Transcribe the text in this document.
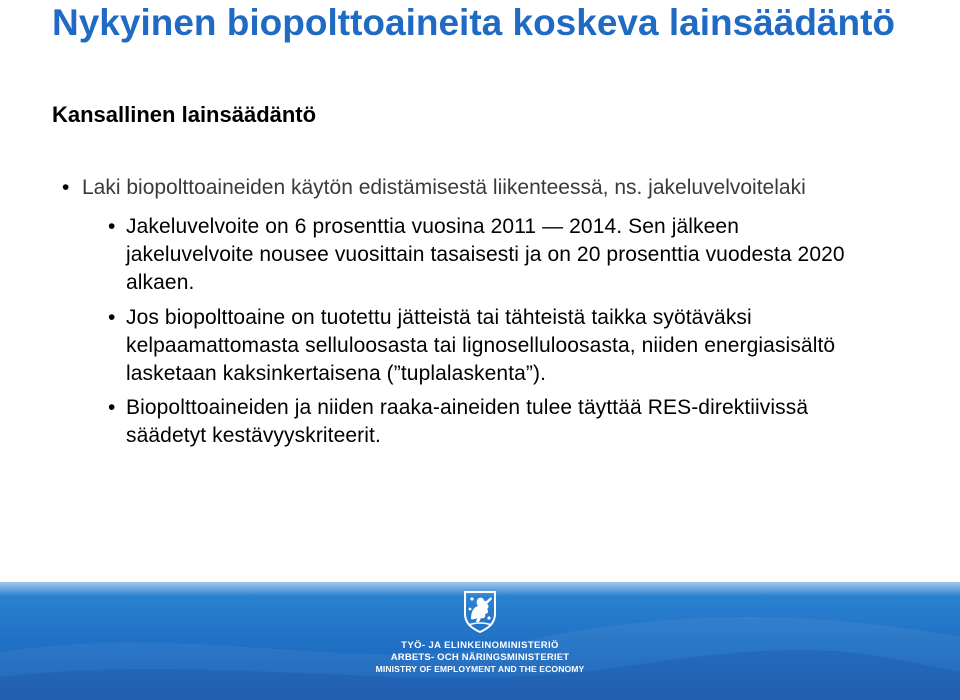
Nykyinen biopolttoaineita koskeva lainsäädäntö
Kansallinen lainsäädäntö
• Laki biopolttoaineiden käytön edistämisestä liikenteessä, ns. jakeluvelvoitelaki
• Jakeluvelvoite on 6 prosenttia vuosina 2011 — 2014. Sen jälkeen jakeluvelvoite nousee vuosittain tasaisesti ja on 20 prosenttia vuodesta 2020 alkaen.
• Jos biopolttoaine on tuotettu jätteistä tai tähteistä taikka syötäväksi kelpaamattomasta selluloosasta tai lignoselluloosasta, niiden energiasisältö lasketaan kaksinkertaisena (”tuplalaskenta”).
• Biopolttoaineiden ja niiden raaka-aineiden tulee täyttää RES-direktiivissä säädetyt kestävyyskriteerit.
TYÖ- JA ELINKEINOMINISTERIÖ
ARBETS- OCH NÄRINGSMINISTERIET
MINISTRY OF EMPLOYMENT AND THE ECONOMY
